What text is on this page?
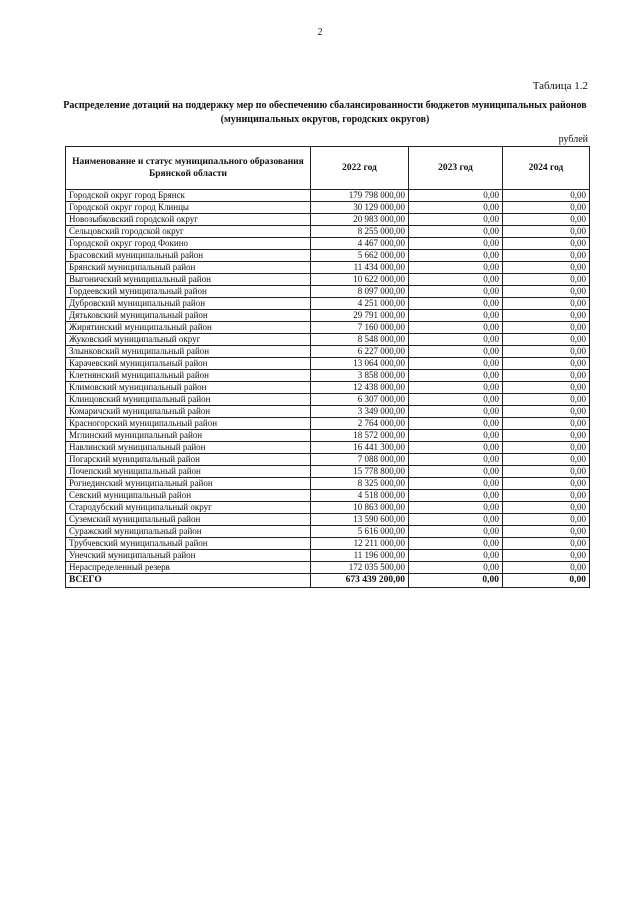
2
Таблица 1.2
Распределение дотаций на поддержку мер по обеспечению сбалансированности бюджетов муниципальных районов (муниципальных округов, городских округов)
рублей
Наименование и статус муниципального образования Брянской области	2022 год	2023 год	2024 год
Городской округ город Брянск	179 798 000,00	0,00	0,00
Городской округ город Клинцы	30 129 000,00	0,00	0,00
Новозыбковский городской округ	20 983 000,00	0,00	0,00
Сельцовский городской округ	8 255 000,00	0,00	0,00
Городской округ город Фокино	4 467 000,00	0,00	0,00
Брасовский муниципальный район	5 662 000,00	0,00	0,00
Брянский муниципальный район	11 434 000,00	0,00	0,00
Выгоничский муниципальный район	10 622 000,00	0,00	0,00
Гордеевский муниципальный район	8 097 000,00	0,00	0,00
Дубровский муниципальный район	4 251 000,00	0,00	0,00
Дятьковский муниципальный район	29 791 000,00	0,00	0,00
Жирятинский муниципальный район	7 160 000,00	0,00	0,00
Жуковский муниципальный округ	8 548 000,00	0,00	0,00
Злынковский муниципальный район	6 227 000,00	0,00	0,00
Карачевский муниципальный район	13 064 000,00	0,00	0,00
Клетнянский муниципальный район	3 858 000,00	0,00	0,00
Климовский муниципальный район	12 438 000,00	0,00	0,00
Клинцовский муниципальный район	6 307 000,00	0,00	0,00
Комаричский муниципальный район	3 349 000,00	0,00	0,00
Красногорский муниципальный район	2 764 000,00	0,00	0,00
Мглинский муниципальный район	18 572 000,00	0,00	0,00
Навлинский муниципальный район	16 441 300,00	0,00	0,00
Погарский муниципальный район	7 088 000,00	0,00	0,00
Почепский муниципальный район	15 778 800,00	0,00	0,00
Рогнединский муниципальный район	8 325 000,00	0,00	0,00
Севский муниципальный район	4 518 000,00	0,00	0,00
Стародубский муниципальный округ	10 863 000,00	0,00	0,00
Суземский муниципальный район	13 590 600,00	0,00	0,00
Суражский муниципальный район	5 616 000,00	0,00	0,00
Трубчевский муниципальный район	12 211 000,00	0,00	0,00
Унечский муниципальный район	11 196 000,00	0,00	0,00
Нераспределенный резерв	172 035 500,00	0,00	0,00
ВСЕГО	673 439 200,00	0,00	0,00
